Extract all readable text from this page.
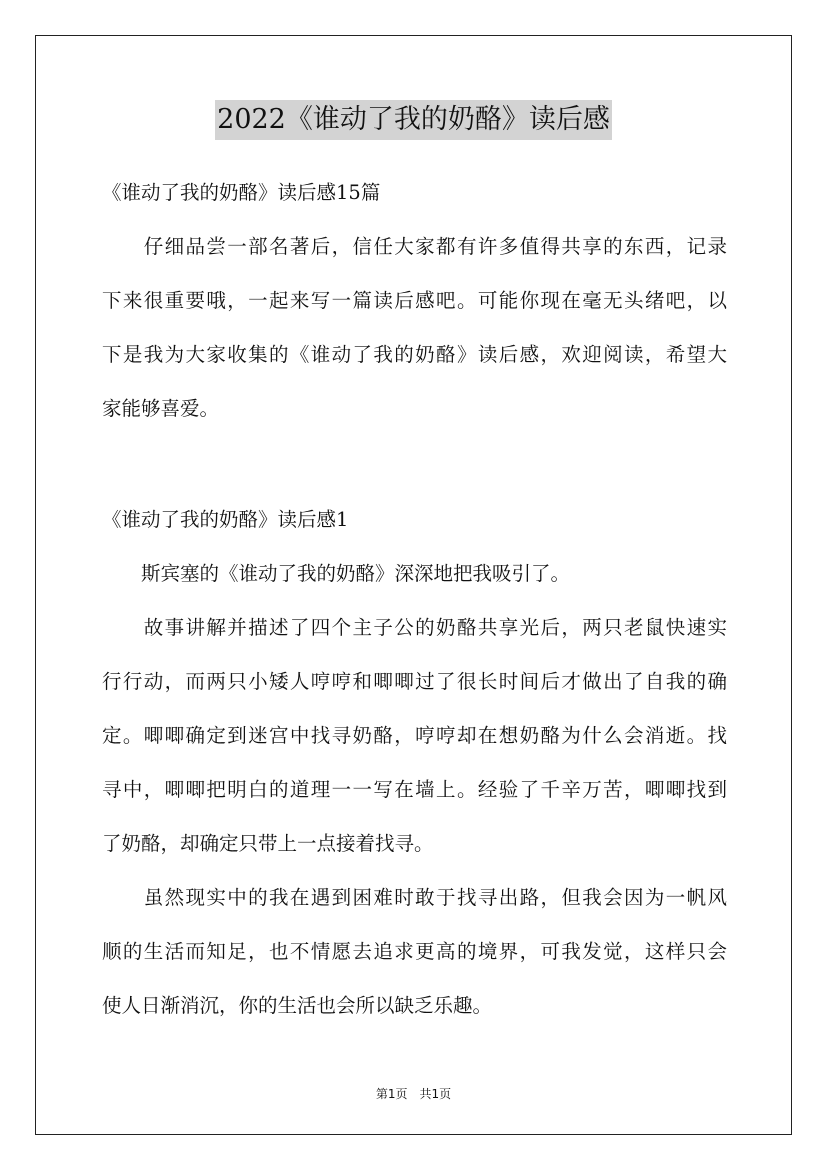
2022《谁动了我的奶酪》读后感
《谁动了我的奶酪》读后感15篇
　　仔细品尝一部名著后，信任大家都有许多值得共享的东西，记录
下来很重要哦，一起来写一篇读后感吧。可能你现在毫无头绪吧，以
下是我为大家收集的《谁动了我的奶酪》读后感，欢迎阅读，希望大
家能够喜爱。
《谁动了我的奶酪》读后感1
　　斯宾塞的《谁动了我的奶酪》深深地把我吸引了。
　　故事讲解并描述了四个主子公的奶酪共享光后，两只老鼠快速实
行行动，而两只小矮人哼哼和唧唧过了很长时间后才做出了自我的确
定。唧唧确定到迷宫中找寻奶酪，哼哼却在想奶酪为什么会消逝。找
寻中，唧唧把明白的道理一一写在墙上。经验了千辛万苦，唧唧找到
了奶酪，却确定只带上一点接着找寻。
　　虽然现实中的我在遇到困难时敢于找寻出路，但我会因为一帆风
顺的生活而知足，也不情愿去追求更高的境界，可我发觉，这样只会
使人日渐消沉，你的生活也会所以缺乏乐趣。
第1页　共1页
